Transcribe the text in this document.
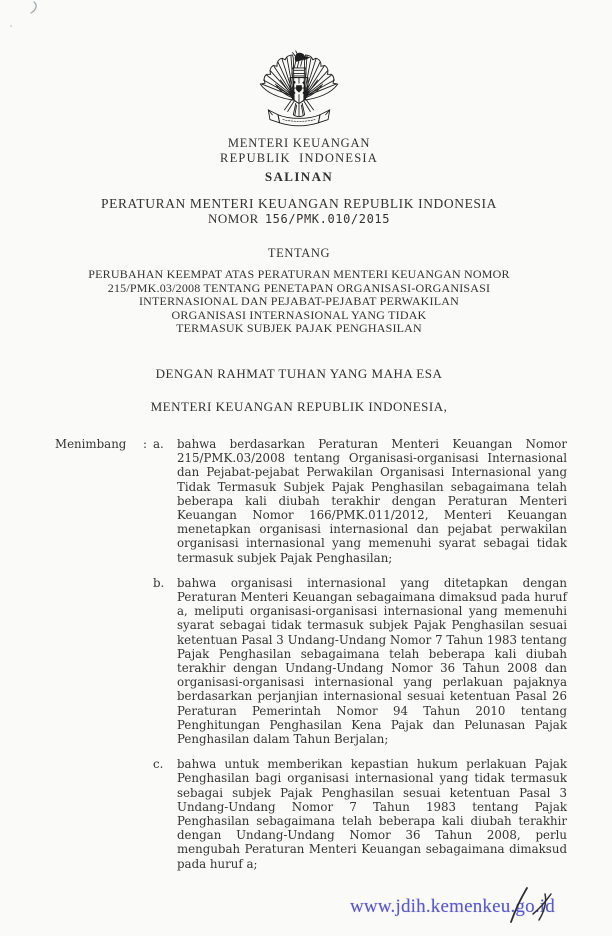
MENTERI KEUANGAN
REPUBLIK INDONESIA
SALINAN
PERATURAN MENTERI KEUANGAN REPUBLIK INDONESIA
NOMOR 156/PMK.010/2015
TENTANG
PERUBAHAN KEEMPAT ATAS PERATURAN MENTERI KEUANGAN NOMOR
215/PMK.03/2008 TENTANG PENETAPAN ORGANISASI-ORGANISASI
INTERNASIONAL DAN PEJABAT-PEJABAT PERWAKILAN
ORGANISASI INTERNASIONAL YANG TIDAK
TERMASUK SUBJEK PAJAK PENGHASILAN
DENGAN RAHMAT TUHAN YANG MAHA ESA
MENTERI KEUANGAN REPUBLIK INDONESIA,
Menimbang	: a.	bahwa berdasarkan Peraturan Menteri Keuangan Nomor 215/PMK.03/2008 tentang Organisasi-organisasi Internasional dan Pejabat-pejabat Perwakilan Organisasi Internasional yang Tidak Termasuk Subjek Pajak Penghasilan sebagaimana telah beberapa kali diubah terakhir dengan Peraturan Menteri Keuangan Nomor 166/PMK.011/2012, Menteri Keuangan menetapkan organisasi internasional dan pejabat perwakilan organisasi internasional yang memenuhi syarat sebagai tidak termasuk subjek Pajak Penghasilan;
b.	bahwa organisasi internasional yang ditetapkan dengan Peraturan Menteri Keuangan sebagaimana dimaksud pada huruf a, meliputi organisasi-organisasi internasional yang memenuhi syarat sebagai tidak termasuk subjek Pajak Penghasilan sesuai ketentuan Pasal 3 Undang-Undang Nomor 7 Tahun 1983 tentang Pajak Penghasilan sebagaimana telah beberapa kali diubah terakhir dengan Undang-Undang Nomor 36 Tahun 2008 dan organisasi-organisasi internasional yang perlakuan pajaknya berdasarkan perjanjian internasional sesuai ketentuan Pasal 26 Peraturan Pemerintah Nomor 94 Tahun 2010 tentang Penghitungan Penghasilan Kena Pajak dan Pelunasan Pajak Penghasilan dalam Tahun Berjalan;
c.	bahwa untuk memberikan kepastian hukum perlakuan Pajak Penghasilan bagi organisasi internasional yang tidak termasuk sebagai subjek Pajak Penghasilan sesuai ketentuan Pasal 3 Undang-Undang Nomor 7 Tahun 1983 tentang Pajak Penghasilan sebagaimana telah beberapa kali diubah terakhir dengan Undang-Undang Nomor 36 Tahun 2008, perlu mengubah Peraturan Menteri Keuangan sebagaimana dimaksud pada huruf a;
www.jdih.kemenkeu.go.id
